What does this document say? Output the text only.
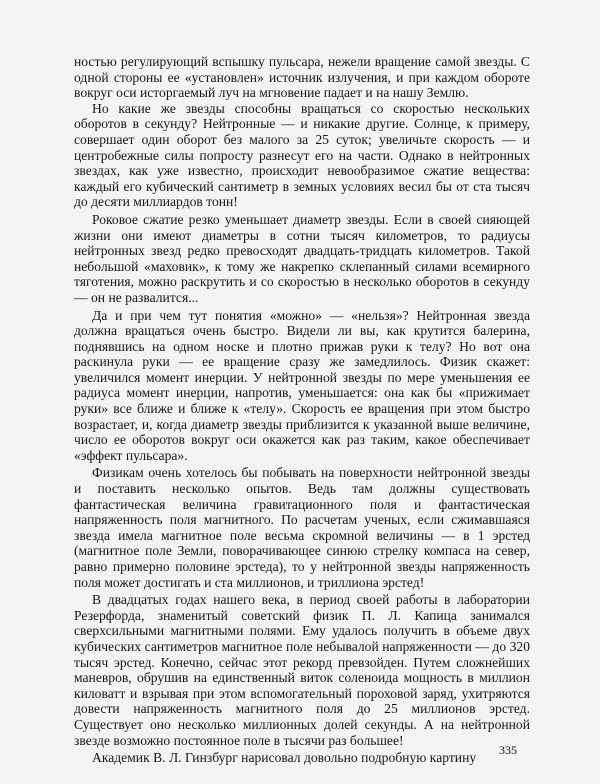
ностью регулирующий вспышку пульсара, нежели вращение самой звезды. С одной стороны ее «установлен» источник излучения, и при каждом обороте вокруг оси исторгаемый луч на мгновение падает и на нашу Землю.

Но какие же звезды способны вращаться со скоростью нескольких оборотов в секунду? Нейтронные — и никакие другие. Солнце, к примеру, совершает один оборот без малого за 25 суток; увеличьте скорость — и центробежные силы попросту разнесут его на части. Однако в нейтронных звездах, как уже известно, происходит невообразимое сжатие вещества: каждый его кубический сантиметр в земных условиях весил бы от ста тысяч до десяти миллиардов тонн!

Роковое сжатие резко уменьшает диаметр звезды. Если в своей сияющей жизни они имеют диаметры в сотни тысяч километров, то радиусы нейтронных звезд редко превосходят двадцать-тридцать километров. Такой небольшой «маховик», к тому же накрепко склепанный силами всемирного тяготения, можно раскрутить и со скоростью в несколько оборотов в секунду — он не развалится...

Да и при чем тут понятия «можно» — «нельзя»? Нейтронная звезда должна вращаться очень быстро. Видели ли вы, как крутится балерина, поднявшись на одном носке и плотно прижав руки к телу? Но вот она раскинула руки — ее вращение сразу же замедлилось. Физик скажет: увеличился момент инерции. У нейтронной звезды по мере уменьшения ее радиуса момент инерции, напротив, уменьшается: она как бы «прижимает руки» все ближе и ближе к «телу». Скорость ее вращения при этом быстро возрастает, и, когда диаметр звезды приблизится к указанной выше величине, число ее оборотов вокруг оси окажется как раз таким, какое обеспечивает «эффект пульсара».

Физикам очень хотелось бы побывать на поверхности нейтронной звезды и поставить несколько опытов. Ведь там должны существовать фантастическая величина гравитационного поля и фантастическая напряженность поля магнитного. По расчетам ученых, если сжимавшаяся звезда имела магнитное поле весьма скромной величины — в 1 эрстед (магнитное поле Земли, поворачивающее синюю стрелку компаса на север, равно примерно половине эрстеда), то у нейтронной звезды напряженность поля может достигать и ста миллионов, и триллиона эрстед!

В двадцатых годах нашего века, в период своей работы в лаборатории Резерфорда, знаменитый советский физик П. Л. Капица занимался сверхсильными магнитными полями. Ему удалось получить в объеме двух кубических сантиметров магнитное поле небывалой напряженности — до 320 тысяч эрстед. Конечно, сейчас этот рекорд превзойден. Путем сложнейших маневров, обрушив на единственный виток соленоида мощность в миллион киловатт и взрывая при этом вспомогательный пороховой заряд, ухитряются довести напряженность магнитного поля до 25 миллионов эрстед. Существует оно несколько миллионных долей секунды. А на нейтронной звезде возможно постоянное поле в тысячи раз большее!

Академик В. Л. Гинзбург нарисовал довольно подробную картину

335
